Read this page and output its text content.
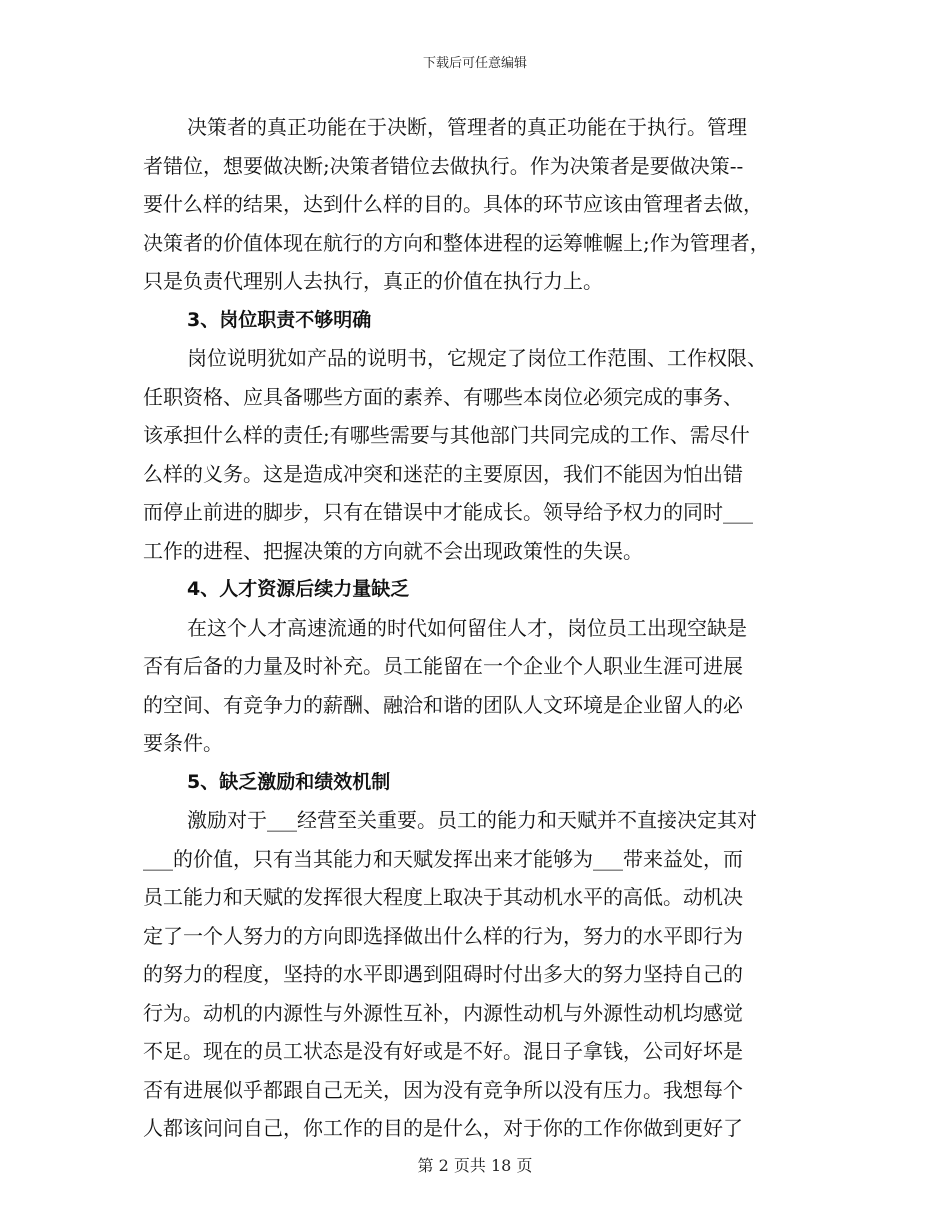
下载后可任意编辑
决策者的真正功能在于决断，管理者的真正功能在于执行。管理
者错位，想要做决断;决策者错位去做执行。作为决策者是要做决策--
要什么样的结果，达到什么样的目的。具体的环节应该由管理者去做，
决策者的价值体现在航行的方向和整体进程的运筹帷幄上;作为管理者，
只是负责代理别人去执行，真正的价值在执行力上。
3、岗位职责不够明确
岗位说明犹如产品的说明书，它规定了岗位工作范围、工作权限、
任职资格、应具备哪些方面的素养、有哪些本岗位必须完成的事务、
该承担什么样的责任;有哪些需要与其他部门共同完成的工作、需尽什
么样的义务。这是造成冲突和迷茫的主要原因，我们不能因为怕出错
而停止前进的脚步，只有在错误中才能成长。领导给予权力的同时___
工作的进程、把握决策的方向就不会出现政策性的失误。
4、人才资源后续力量缺乏
在这个人才高速流通的时代如何留住人才，岗位员工出现空缺是
否有后备的力量及时补充。员工能留在一个企业个人职业生涯可进展
的空间、有竞争力的薪酬、融洽和谐的团队人文环境是企业留人的必
要条件。
5、缺乏激励和绩效机制
激励对于___经营至关重要。员工的能力和天赋并不直接决定其对
___的价值，只有当其能力和天赋发挥出来才能够为___带来益处，而
员工能力和天赋的发挥很大程度上取决于其动机水平的高低。动机决
定了一个人努力的方向即选择做出什么样的行为，努力的水平即行为
的努力的程度，坚持的水平即遇到阻碍时付出多大的努力坚持自己的
行为。动机的内源性与外源性互补，内源性动机与外源性动机均感觉
不足。现在的员工状态是没有好或是不好。混日子拿钱，公司好坏是
否有进展似乎都跟自己无关，因为没有竞争所以没有压力。我想每个
人都该问问自己，你工作的目的是什么，对于你的工作你做到更好了
第 2 页共 18 页
